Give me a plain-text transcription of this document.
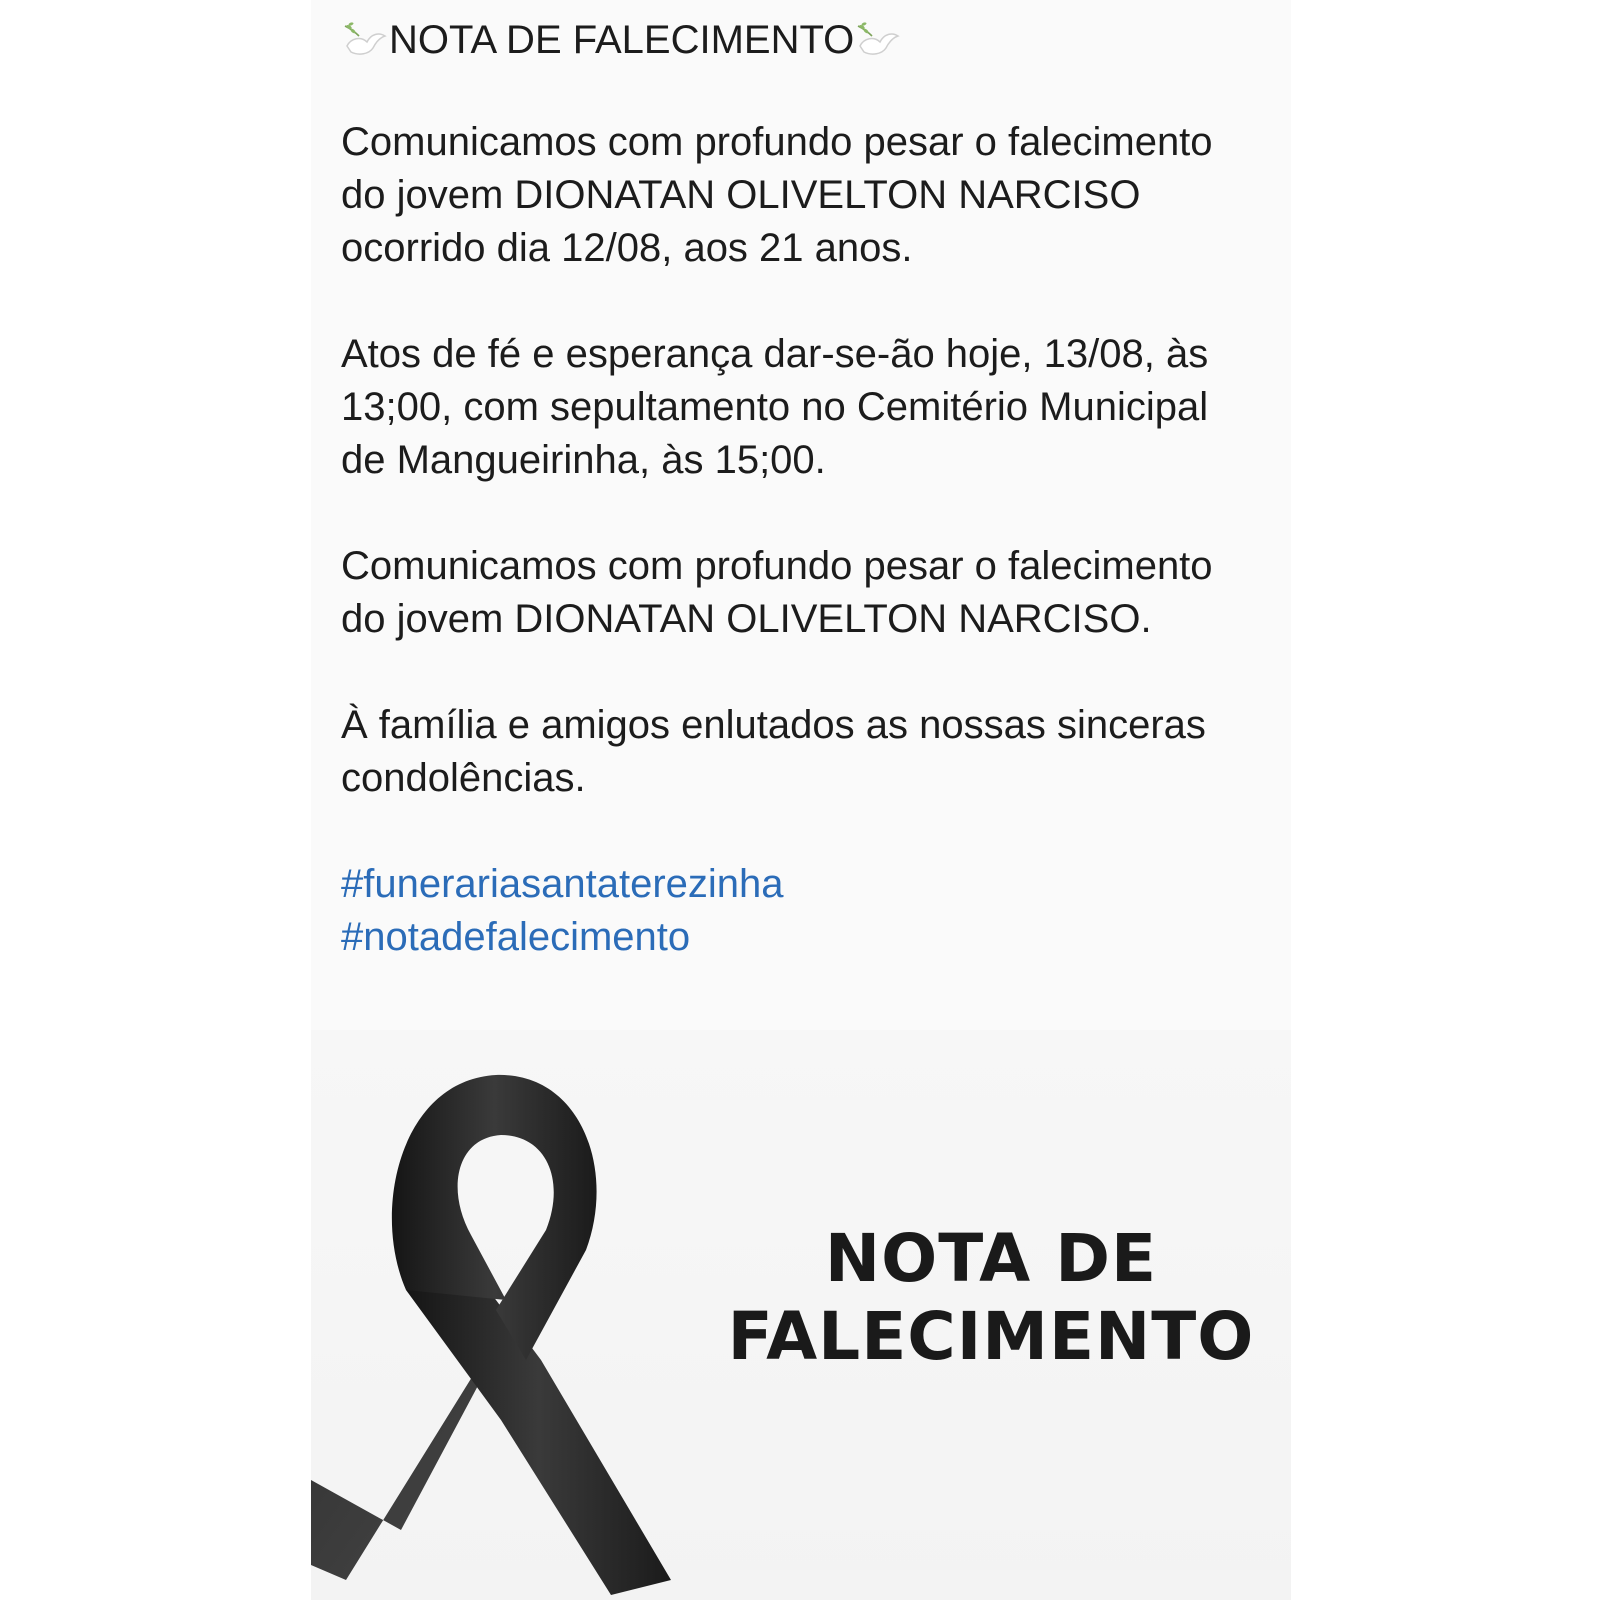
NOTA DE FALECIMENTO

Comunicamos com profundo pesar o falecimento
do jovem DIONATAN OLIVELTON NARCISO
ocorrido dia 12/08, aos 21 anos.

Atos de fé e esperança dar-se-ão hoje, 13/08, às
13;00, com sepultamento no Cemitério Municipal
de Mangueirinha, às 15;00.

Comunicamos com profundo pesar o falecimento
do jovem DIONATAN OLIVELTON NARCISO.

À família e amigos enlutados as nossas sinceras
condolências.

#funerariasantaterezinha
#notadefalecimento
NOTA DE
FALECIMENTO
